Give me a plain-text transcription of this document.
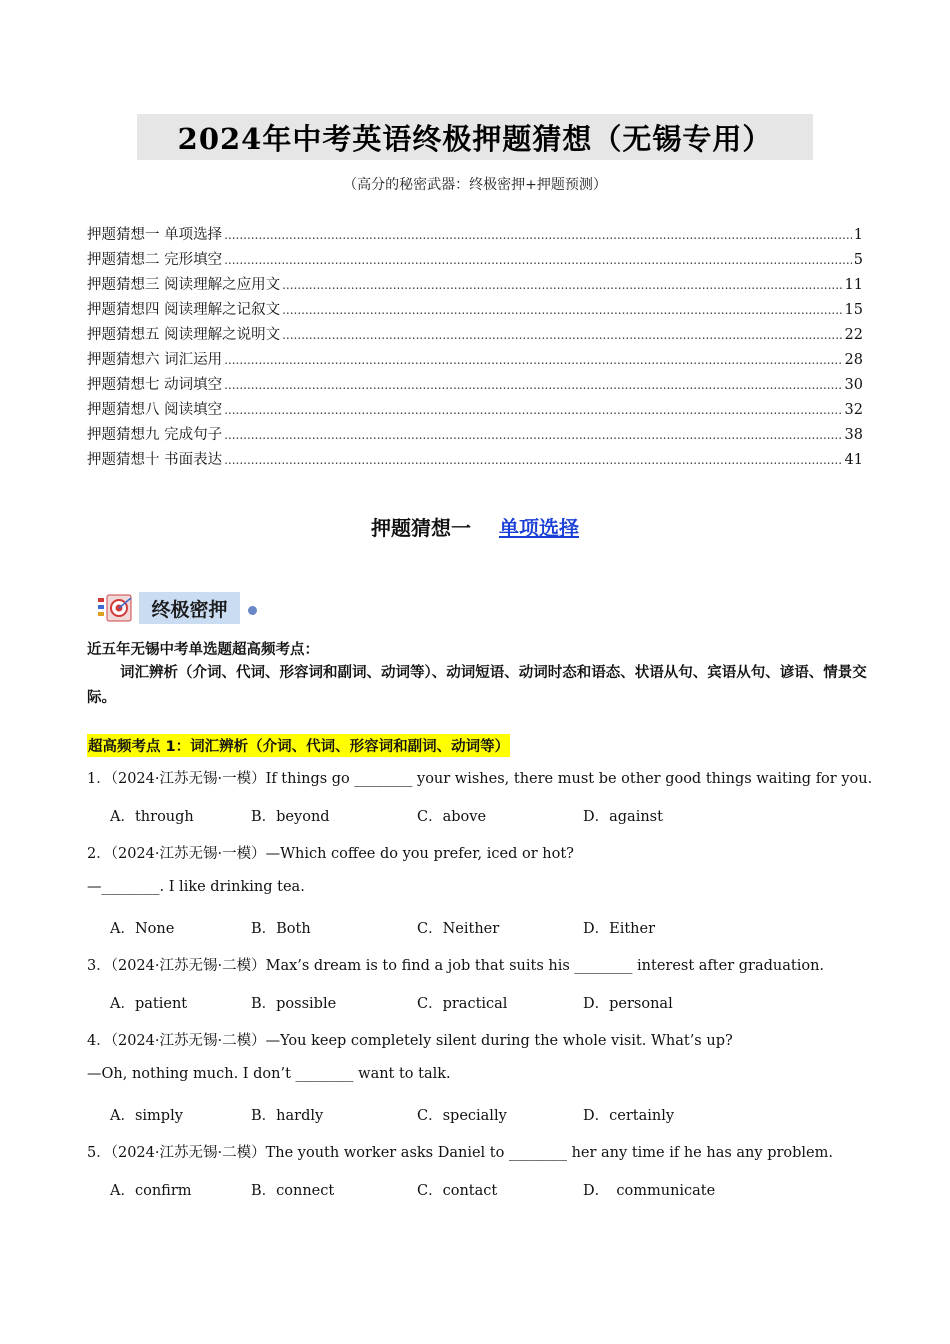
2024年中考英语终极押题猜想（无锡专用）
（高分的秘密武器：终极密押+押题预测）
押题猜想一 单项选择 .....	1
押题猜想二 完形填空 .....	5
押题猜想三 阅读理解之应用文 .....	11
押题猜想四 阅读理解之记叙文 .....	15
押题猜想五 阅读理解之说明文 .....	22
押题猜想六 词汇运用 .....	28
押题猜想七 动词填空 .....	30
押题猜想八 阅读填空 .....	32
押题猜想九 完成句子 .....	38
押题猜想十 书面表达 .....	41
押题猜想一 单项选择
终极密押
近五年无锡中考单选题超高频考点：
词汇辨析（介词、代词、形容词和副词、动词等）、动词短语、动词时态和语态、状语从句、宾语从句、谚语、情景交际。
超高频考点 1：词汇辨析（介词、代词、形容词和副词、动词等）
1．（2024·江苏无锡·一模）If things go ________ your wishes, there must be other good things waiting for you.
A．through	B．beyond	C．above	D．against
2．（2024·江苏无锡·一模）—Which coffee do you prefer, iced or hot?
—________. I like drinking tea.
A．None	B．Both	C．Neither	D．Either
3．（2024·江苏无锡·二模）Max’s dream is to find a job that suits his ________ interest after graduation.
A．patient	B．possible	C．practical	D．personal
4．（2024·江苏无锡·二模）—You keep completely silent during the whole visit. What’s up?
—Oh, nothing much. I don’t ________ want to talk.
A．simply	B．hardly	C．specially	D．certainly
5．（2024·江苏无锡·二模）The youth worker asks Daniel to ________ her any time if he has any problem.
A．confirm	B．connect	C．contact	D．　communicate
